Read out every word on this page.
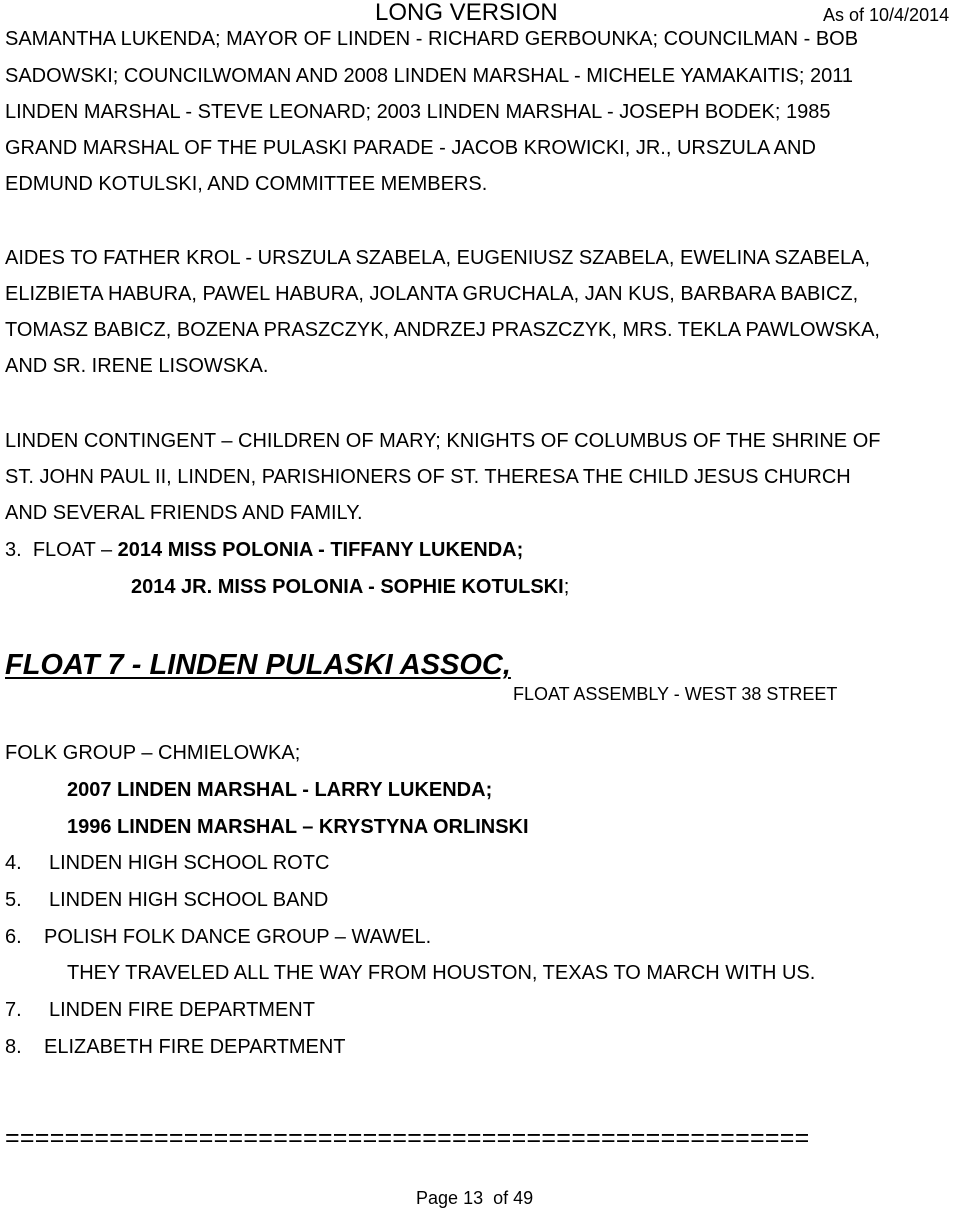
LONG VERSION	As of 10/4/2014
SAMANTHA LUKENDA; MAYOR OF LINDEN - RICHARD GERBOUNKA; COUNCILMAN - BOB
SADOWSKI; COUNCILWOMAN AND 2008 LINDEN MARSHAL - MICHELE YAMAKAITIS; 2011
LINDEN MARSHAL - STEVE LEONARD; 2003 LINDEN MARSHAL - JOSEPH BODEK; 1985
GRAND MARSHAL OF THE PULASKI PARADE - JACOB KROWICKI, JR., URSZULA AND
EDMUND KOTULSKI, AND COMMITTEE MEMBERS.
AIDES TO FATHER KROL - URSZULA SZABELA, EUGENIUSZ SZABELA, EWELINA SZABELA,
ELIZBIETA HABURA, PAWEL HABURA, JOLANTA GRUCHALA, JAN KUS, BARBARA BABICZ,
TOMASZ BABICZ, BOZENA PRASZCZYK, ANDRZEJ PRASZCZYK, MRS. TEKLA PAWLOWSKA,
AND SR. IRENE LISOWSKA.
LINDEN CONTINGENT – CHILDREN OF MARY; KNIGHTS OF COLUMBUS OF THE SHRINE OF
ST. JOHN PAUL II, LINDEN, PARISHIONERS OF ST. THERESA THE CHILD JESUS CHURCH
AND SEVERAL FRIENDS AND FAMILY.
3. FLOAT – 2014 MISS POLONIA - TIFFANY LUKENDA;
2014 JR. MISS POLONIA - SOPHIE KOTULSKI;
FLOAT 7 - LINDEN PULASKI ASSOC,
FLOAT ASSEMBLY - WEST 38 STREET
FOLK GROUP – CHMIELOWKA;
2007 LINDEN MARSHAL - LARRY LUKENDA;
1996 LINDEN MARSHAL – KRYSTYNA ORLINSKI
4. LINDEN HIGH SCHOOL ROTC
5. LINDEN HIGH SCHOOL BAND
6. POLISH FOLK DANCE GROUP – WAWEL.
THEY TRAVELED ALL THE WAY FROM HOUSTON, TEXAS TO MARCH WITH US.
7. LINDEN FIRE DEPARTMENT
8. ELIZABETH FIRE DEPARTMENT
======================================================
Page 13 of 49
